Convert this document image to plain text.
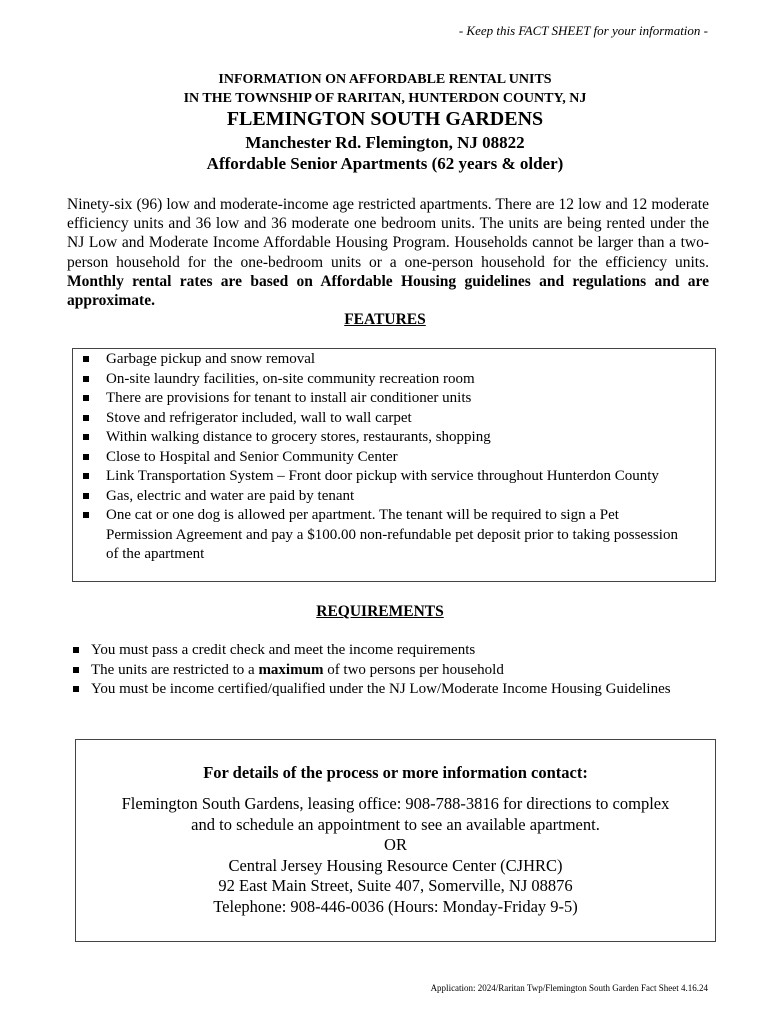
- Keep this FACT SHEET for your information -
INFORMATION ON AFFORDABLE RENTAL UNITS
IN THE TOWNSHIP OF RARITAN, HUNTERDON COUNTY, NJ
FLEMINGTON SOUTH GARDENS
Manchester Rd. Flemington, NJ 08822
Affordable Senior Apartments (62 years & older)
Ninety-six (96) low and moderate-income age restricted apartments. There are 12 low and 12 moderate efficiency units and 36 low and 36 moderate one bedroom units. The units are being rented under the NJ Low and Moderate Income Affordable Housing Program. Households cannot be larger than a two-person household for the one-bedroom units or a one-person household for the efficiency units. Monthly rental rates are based on Affordable Housing guidelines and regulations and are approximate.
FEATURES
Garbage pickup and snow removal
On-site laundry facilities, on-site community recreation room
There are provisions for tenant to install air conditioner units
Stove and refrigerator included, wall to wall carpet
Within walking distance to grocery stores, restaurants, shopping
Close to Hospital and Senior Community Center
Link Transportation System – Front door pickup with service throughout Hunterdon County
Gas, electric and water are paid by tenant
One cat or one dog is allowed per apartment. The tenant will be required to sign a Pet Permission Agreement and pay a $100.00 non-refundable pet deposit prior to taking possession of the apartment
REQUIREMENTS
You must pass a credit check and meet the income requirements
The units are restricted to a maximum of two persons per household
You must be income certified/qualified under the NJ Low/Moderate Income Housing Guidelines
For details of the process or more information contact:
Flemington South Gardens, leasing office: 908-788-3816 for directions to complex
and to schedule an appointment to see an available apartment.
OR
Central Jersey Housing Resource Center (CJHRC)
92 East Main Street, Suite 407, Somerville, NJ 08876
Telephone: 908-446-0036 (Hours: Monday-Friday 9-5)
Application: 2024/Raritan Twp/Flemington South Garden Fact Sheet 4.16.24
